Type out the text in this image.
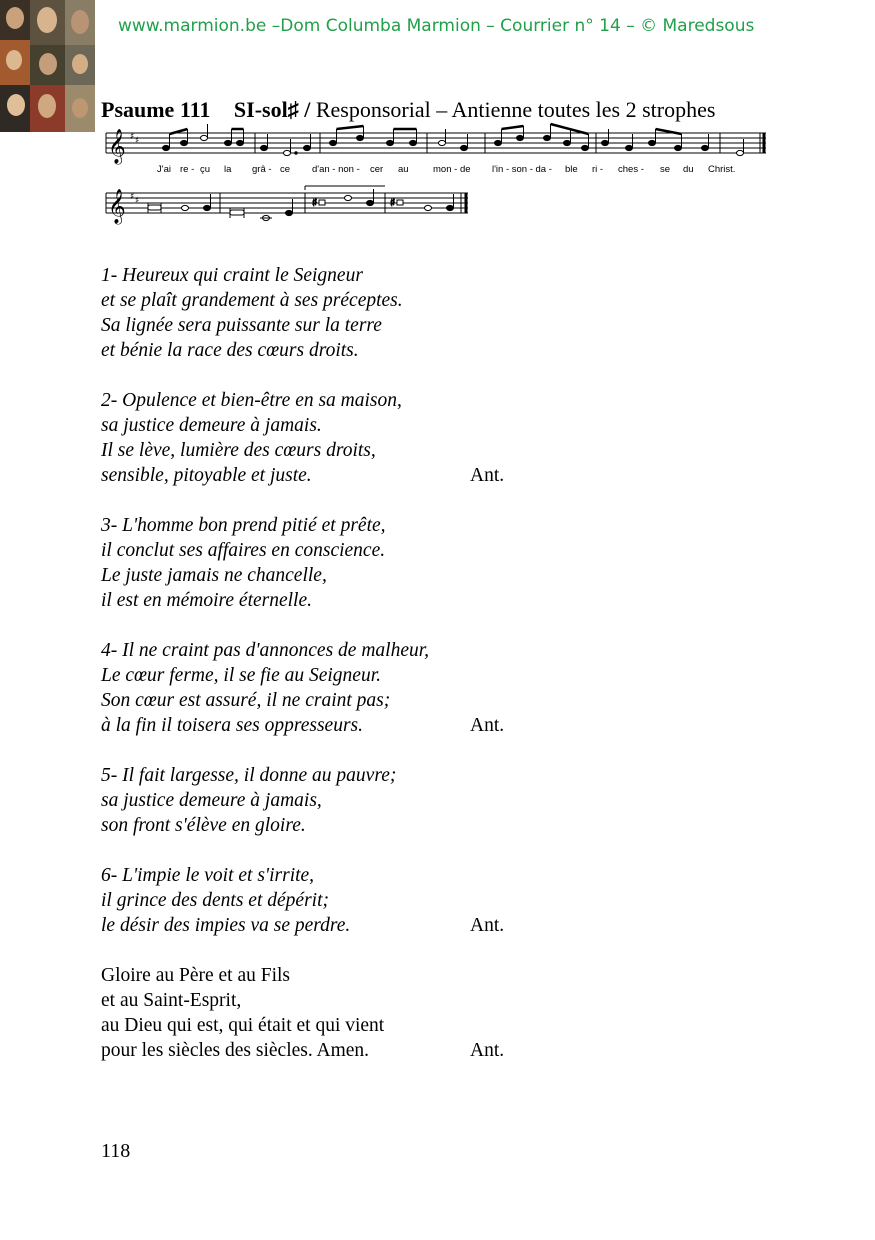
www.marmion.be –Dom Columba Marmion – Courrier n° 14 – © Maredsous
Psaume 111 SI-sol♯ / Responsorial – Antienne toutes les 2 strophes
𝄞 ♯ ♯
J'ai re - çu la grâ - ce d'an - non - cer au	mon - de l'in - son - da - ble ri - ches - se du Christ.
𝄞 ♯ ♯	♯	♯
1- Heureux qui craint le Seigneur
et se plaît grandement à ses préceptes.
Sa lignée sera puissante sur la terre
et bénie la race des cœurs droits.
2- Opulence et bien-être en sa maison,
sa justice demeure à jamais.
Il se lève, lumière des cœurs droits,
sensible, pitoyable et juste.	Ant.
3- L'homme bon prend pitié et prête,
il conclut ses affaires en conscience.
Le juste jamais ne chancelle,
il est en mémoire éternelle.
4- Il ne craint pas d'annonces de malheur,
Le cœur ferme, il se fie au Seigneur.
Son cœur est assuré, il ne craint pas;
à la fin il toisera ses oppresseurs.	Ant.
5- Il fait largesse, il donne au pauvre;
sa justice demeure à jamais,
son front s'élève en gloire.
6- L'impie le voit et s'irrite,
il grince des dents et dépérit;
le désir des impies va se perdre.	Ant.
Gloire au Père et au Fils
et au Saint-Esprit,
au Dieu qui est, qui était et qui vient
pour les siècles des siècles. Amen.	Ant.
118
